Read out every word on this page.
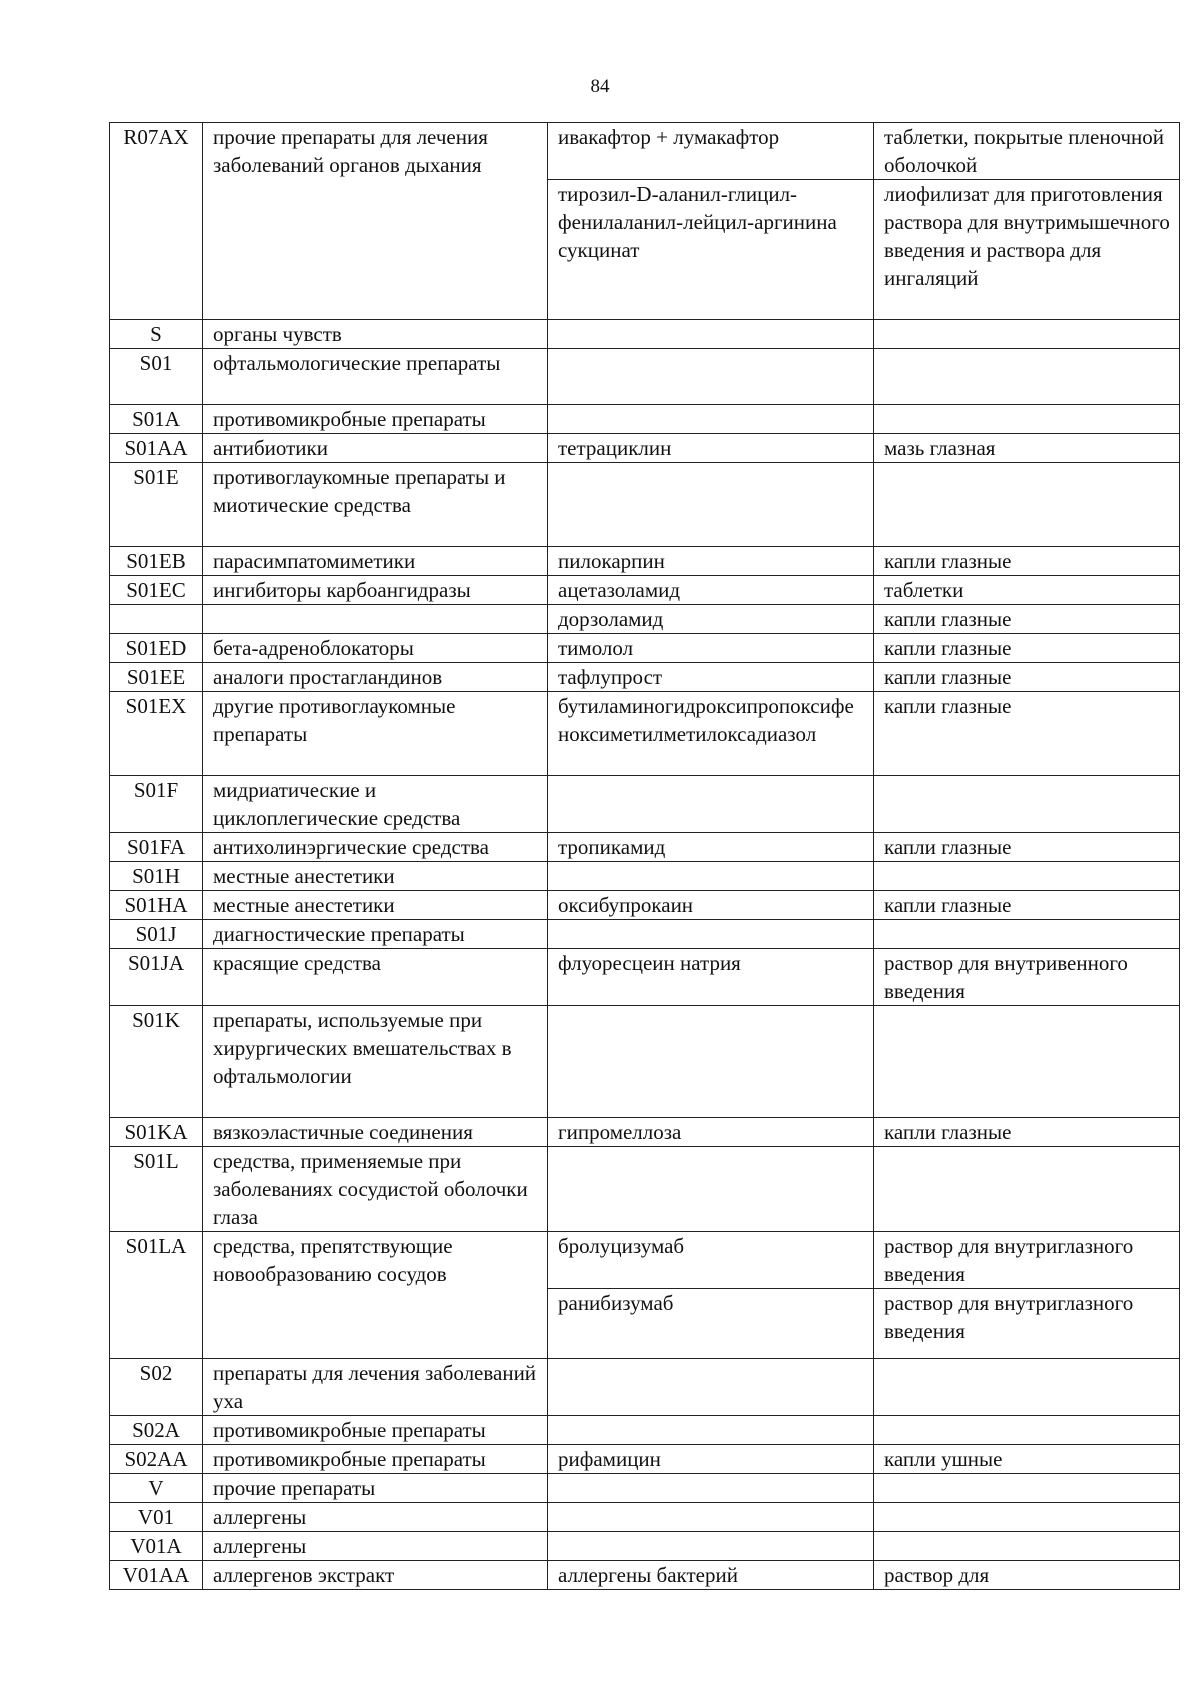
84
R07AX	прочие препараты для лечения заболеваний органов дыхания	ивакафтор + лумакафтор	таблетки, покрытые пленочной оболочкой
		тирозил-D-аланил-глицил-фенилаланил-лейцил-аргинина сукцинат	лиофилизат для приготовления раствора для внутримышечного введения и раствора для ингаляций
S	органы чувств		
S01	офтальмологические препараты		
S01A	противомикробные препараты		
S01AA	антибиотики	тетрациклин	мазь глазная
S01E	противоглаукомные препараты и миотические средства		
S01EB	парасимпатомиметики	пилокарпин	капли глазные
S01EC	ингибиторы карбоангидразы	ацетазоламид	таблетки
		дорзоламид	капли глазные
S01ED	бета-адреноблокаторы	тимолол	капли глазные
S01EE	аналоги простагландинов	тафлупрост	капли глазные
S01EX	другие противоглаукомные препараты	бутиламиногидроксипропоксифеноксиметилметилоксадиазол	капли глазные
S01F	мидриатические и циклоплегические средства		
S01FA	антихолинэргические средства	тропикамид	капли глазные
S01H	местные анестетики		
S01HA	местные анестетики	оксибупрокаин	капли глазные
S01J	диагностические препараты		
S01JA	красящие средства	флуоресцеин натрия	раствор для внутривенного введения
S01K	препараты, используемые при хирургических вмешательствах в офтальмологии		
S01KA	вязкоэластичные соединения	гипромеллоза	капли глазные
S01L	средства, применяемые при заболеваниях сосудистой оболочки глаза		
S01LA	средства, препятствующие новообразованию сосудов	бролуцизумаб	раствор для внутриглазного введения
		ранибизумаб	раствор для внутриглазного введения
S02	препараты для лечения заболеваний уха		
S02A	противомикробные препараты		
S02AA	противомикробные препараты	рифамицин	капли ушные
V	прочие препараты		
V01	аллергены		
V01A	аллергены		
V01AA	аллергенов экстракт	аллергены бактерий	раствор для
